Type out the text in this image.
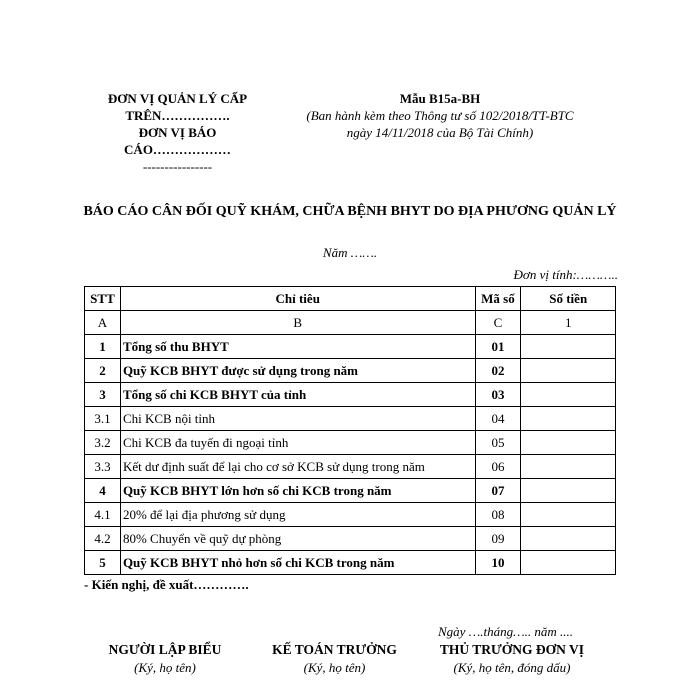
ĐƠN VỊ QUẢN LÝ CẤP
TRÊN…………….
ĐƠN VỊ BÁO
CÁO………………
----------------
Mẫu B15a-BH
(Ban hành kèm theo Thông tư số 102/2018/TT-BTC
ngày 14/11/2018 của Bộ Tài Chính)
BÁO CÁO CÂN ĐỐI QUỸ KHÁM, CHỮA BỆNH BHYT DO ĐỊA PHƯƠNG QUẢN LÝ
Năm …….
Đơn vị tính:………..
STT	Chỉ tiêu	Mã số	Số tiền
A	B	C	1
1	Tổng số thu BHYT	01	
2	Quỹ KCB BHYT được sử dụng trong năm	02	
3	Tổng số chi KCB BHYT của tỉnh	03	
3.1	Chi KCB nội tỉnh	04	
3.2	Chi KCB đa tuyến đi ngoại tỉnh	05	
3.3	Kết dư định suất để lại cho cơ sở KCB sử dụng trong năm	06	
4	Quỹ KCB BHYT lớn hơn số chi KCB trong năm	07	
4.1	20% để lại địa phương sử dụng	08	
4.2	80% Chuyển về quỹ dự phòng	09	
5	Quỹ KCB BHYT nhỏ hơn số chi KCB trong năm	10	
- Kiến nghị, đề xuất………….
Ngày ….tháng….. năm ....
NGƯỜI LẬP BIỂU
(Ký, họ tên)
KẾ TOÁN TRƯỞNG
(Ký, họ tên)
THỦ TRƯỞNG ĐƠN VỊ
(Ký, họ tên, đóng dấu)
